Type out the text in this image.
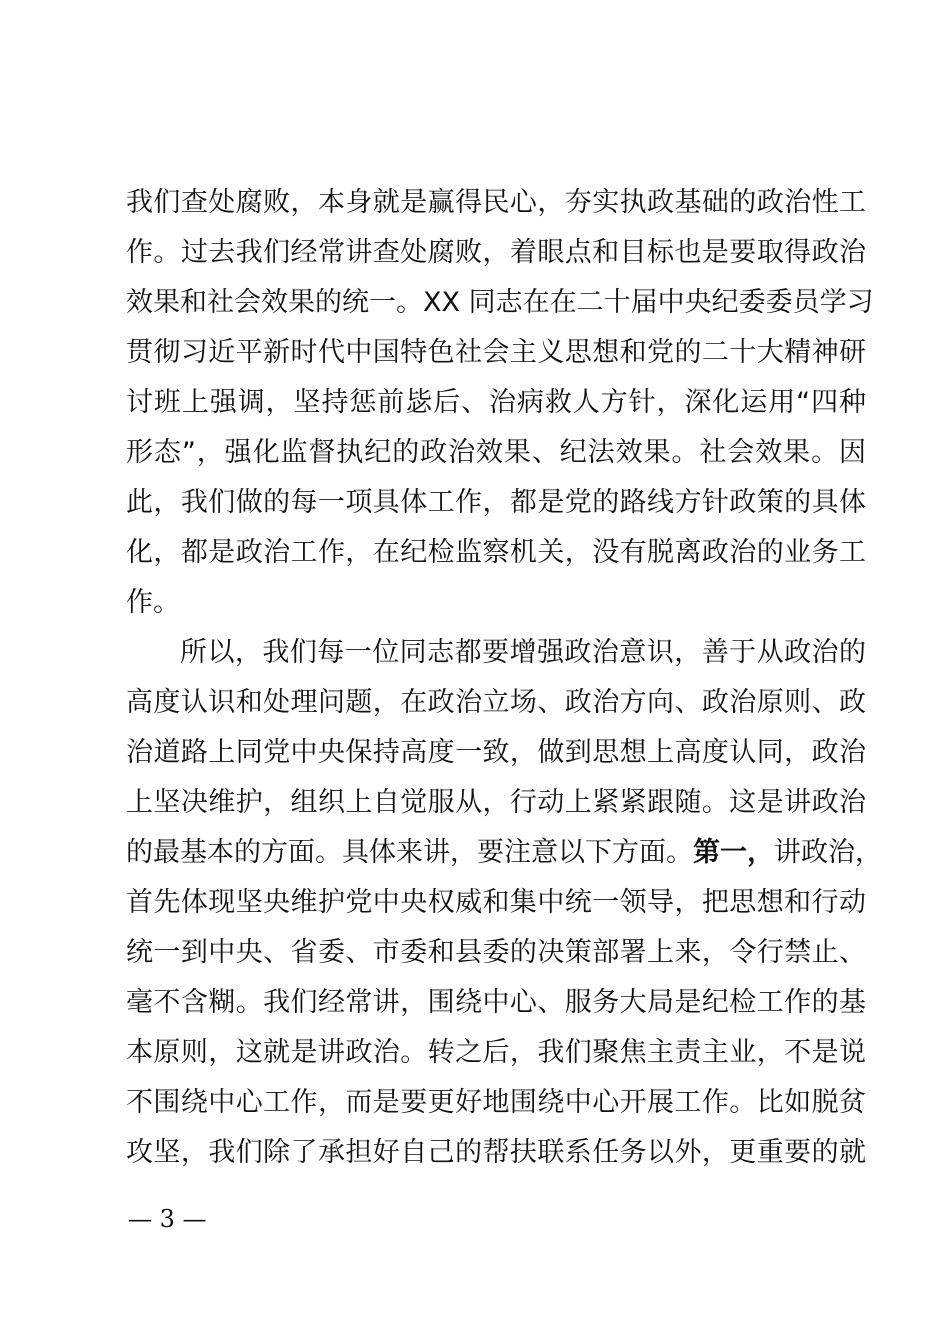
我们查处腐败，本身就是赢得民心，夯实执政基础的政治性工
作。过去我们经常讲查处腐败，着眼点和目标也是要取得政治
效果和社会效果的统一。XX 同志在在二十届中央纪委委员学习
贯彻习近平新时代中国特色社会主义思想和党的二十大精神研
讨班上强调，坚持惩前毖后、治病救人方针，深化运用“四种
形态”，强化监督执纪的政治效果、纪法效果。社会效果。因
此，我们做的每一项具体工作，都是党的路线方针政策的具体
化，都是政治工作，在纪检监察机关，没有脱离政治的业务工
作。
所以，我们每一位同志都要增强政治意识，善于从政治的
高度认识和处理问题，在政治立场、政治方向、政治原则、政
治道路上同党中央保持高度一致，做到思想上高度认同，政治
上坚决维护，组织上自觉服从，行动上紧紧跟随。这是讲政治
的最基本的方面。具体来讲，要注意以下方面。第一，讲政治，
首先体现坚央维护党中央权威和集中统一领导，把思想和行动
统一到中央、省委、市委和县委的决策部署上来，令行禁止、
毫不含糊。我们经常讲，围绕中心、服务大局是纪检工作的基
本原则，这就是讲政治。转之后，我们聚焦主责主业，不是说
不围绕中心工作，而是要更好地围绕中心开展工作。比如脱贫
攻坚，我们除了承担好自己的帮扶联系任务以外，更重要的就
— 3 —
